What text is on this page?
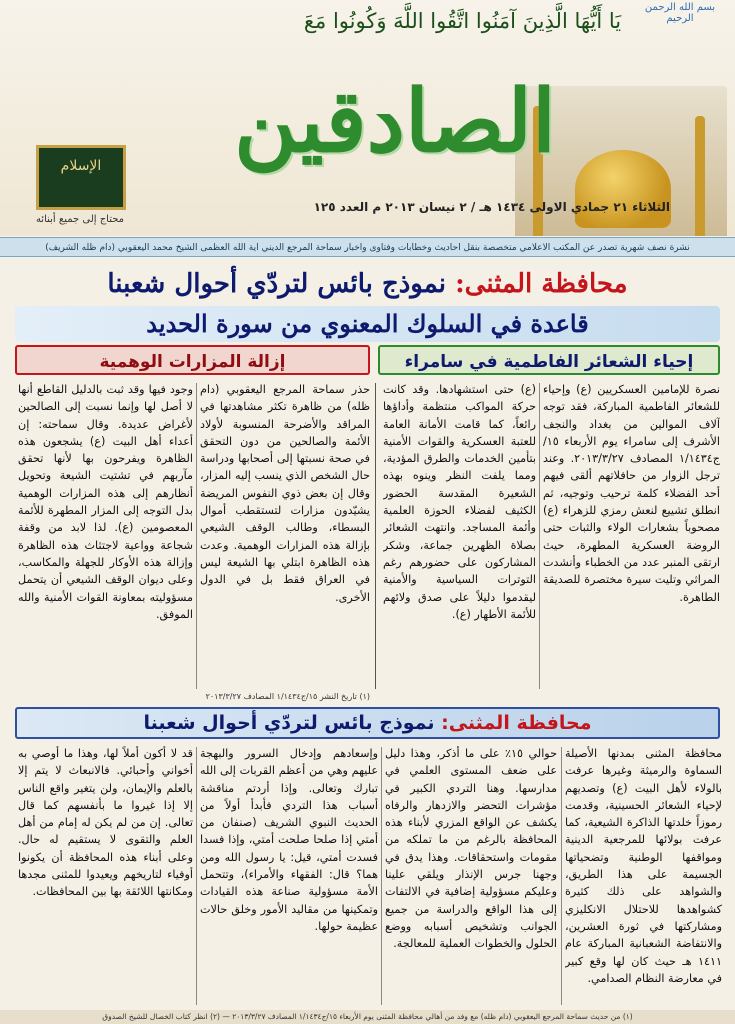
بسم الله الرحمن الرحيم
يَا أَيُّهَا الَّذِينَ آمَنُوا اتَّقُوا اللَّهَ وَكُونُوا مَعَ
الصادقين
الإسلام
محتاج إلى جميع أبنائه
الثلاثاء ٢١ جمادي الاولى ١٤٣٤ هـ / ٢ نيسان ٢٠١٣ م العدد ١٢٥
نشرة نصف شهرية تصدر عن المكتب الاعلامي متخصصة بنقل احاديث وخطابات وفتاوى واخبار سماحة المرجع الديني اية الله العظمى الشيخ محمد اليعقوبي (دام ظله الشريف)
محافظة المثنى: نموذج بائس لتردّي أحوال شعبنا
قاعدة في السلوك المعنوي من سورة الحديد
إحياء الشعائر الفاطمية في سامراء

نصرة للإمامين العسكريين (ع) وإحياء للشعائر الفاطمية المباركة، فقد توجه آلاف الموالين من بغداد والنجف الأشرف إلى سامراء يوم الأربعاء ١٥/ج١/١٤٣٤ المصادف ٢٠١٣/٣/٢٧. وعند ترجل الزوار من حافلاتهم ألقى فيهم أحد الفضلاء كلمة ترحيب وتوجيه، ثم انطلق تشييع لنعش رمزي للزهراء (ع) مصحوباً بشعارات الولاء والثبات حتى الروضة العسكرية المطهرة، حيث ارتقى المنبر عدد من الخطباء وأنشدت المراثي وتليت سيرة مختصرة للصديقة الطاهرة.

(ع) حتى استشهادها. وقد كانت حركة المواكب منتظمة وأداؤها رائعاً، كما قامت الأمانة العامة للعتبة العسكرية والقوات الأمنية بتأمين الخدمات والطرق المؤدية، ومما يلفت النظر وينوه بهذه الشعيرة المقدسة الحضور الكثيف لفضلاء الحوزة العلمية وأئمة المساجد. وانتهت الشعائر بصلاة الظهرين جماعة، وشكر المشاركون على حضورهم رغم التوترات السياسية والأمنية ليقدموا دليلاً على صدق ولائهم للأئمة الأطهار (ع).

إزالة المزارات الوهمية

حذر سماحة المرجع اليعقوبي (دام ظله) من ظاهرة تكثر مشاهدتها في المراقد والأضرحة المنسوبة لأولاد الأئمة والصالحين من دون التحقق في صحة نسبتها إلى أصحابها ودراسة حال الشخص الذي ينسب إليه المزار، وقال إن بعض ذوي النفوس المريضة يشيّدون مزارات لتستقطب أموال البسطاء، وطالب الوقف الشيعي بإزالة هذه المزارات الوهمية. وعدت هذه الظاهرة ابتلي بها الشيعة ليس في العراق فقط بل في الدول الأخرى.

وجود فيها وقد ثبت بالدليل القاطع أنها لا أصل لها وإنما نسبت إلى الصالحين لأغراض عديدة. وقال سماحته: إن أعداء أهل البيت (ع) يشجعون هذه الظاهرة ويفرحون بها لأنها تحقق مآربهم في تشتيت الشيعة وتحويل أنظارهم إلى هذه المزارات الوهمية بدل التوجه إلى المزار المطهرة للأئمة المعصومين (ع). لذا لابد من وقفة شجاعة وواعية لاجتثاث هذه الظاهرة وإزالة هذه الأوكار للجهلة والمكاسب، وعلى ديوان الوقف الشيعي أن يتحمل مسؤوليته بمعاونة القوات الأمنية والله الموفق.

(١) تاريخ النشر ١٥/ج١/١٤٣٤ المصادف ٢٠١٣/٣/٢٧
محافظة المثنى: نموذج بائس لتردّي أحوال شعبنا

محافظة المثنى بمدنها الأصيلة السماوة والرميثة وغيرها عرفت بالولاء لأهل البيت (ع) وتصديهم لإحياء الشعائر الحسينية، وقدمت رموزاً خلدتها الذاكرة الشيعية، كما عرفت بولائها للمرجعية الدينية ومواقفها الوطنية وتضحياتها الجسيمة على هذا الطريق، والشواهد على ذلك كثيرة كشواهدها للاحتلال الانكليزي ومشاركتها في ثورة العشرين، والانتفاضة الشعبانية المباركة عام ١٤١١ هـ حيث كان لها وقع كبير في معارضة النظام الصدامي.

حوالي ١٥٪ على ما أذكر، وهذا دليل على ضعف المستوى العلمي في مدارسها. وهنا التردي الكبير في مؤشرات التحضر والازدهار والرفاه يكشف عن الواقع المزري لأبناء هذه المحافظة بالرغم من ما تملكه من مقومات واستحقاقات. وهذا يدق في وجهنا جرس الإنذار ويلقي علينا وعليكم مسؤولية إضافية في الالتفات إلى هذا الواقع والدراسة من جميع الجوانب وتشخيص أسبابه ووضع الحلول والخطوات العملية للمعالجة.

وإسعادهم وإدخال السرور والبهجة عليهم وهي من أعظم القربات إلى الله تبارك وتعالى. وإذا أردتم مناقشة أسباب هذا التردي فأبدأ أولاً من الحديث النبوي الشريف (صنفان من أمتي إذا صلحا صلحت أمتي، وإذا فسدا فسدت أمتي، قيل: يا رسول الله ومن هما؟ قال: الفقهاء والأمراء)، وتتحمل الأمة مسؤولية صناعة هذه القيادات وتمكينها من مقاليد الأمور وخلق حالات عظيمة حولها.

قد لا أكون أملاً لها، وهذا ما أوصي به أخواني وأحبائي. فالانبعاث لا يتم إلا بالعلم والإيمان، ولن يتغير واقع الناس إلا إذا غيروا ما بأنفسهم كما قال تعالى. إن من لم يكن له إمام من أهل العلم والتقوى لا يستقيم له حال. وعلى أبناء هذه المحافظة أن يكونوا أوفياء لتاريخهم ويعيدوا للمثنى مجدها ومكانتها اللائقة بها بين المحافظات.

(١) من حديث سماحة المرجع اليعقوبي (دام ظله) مع وفد من أهالي محافظة المثنى يوم الأربعاء ١٥/ج١/١٤٣٤ المصادف ٢٠١٣/٣/٢٧ — (٢) انظر كتاب الخصال للشيخ الصدوق
